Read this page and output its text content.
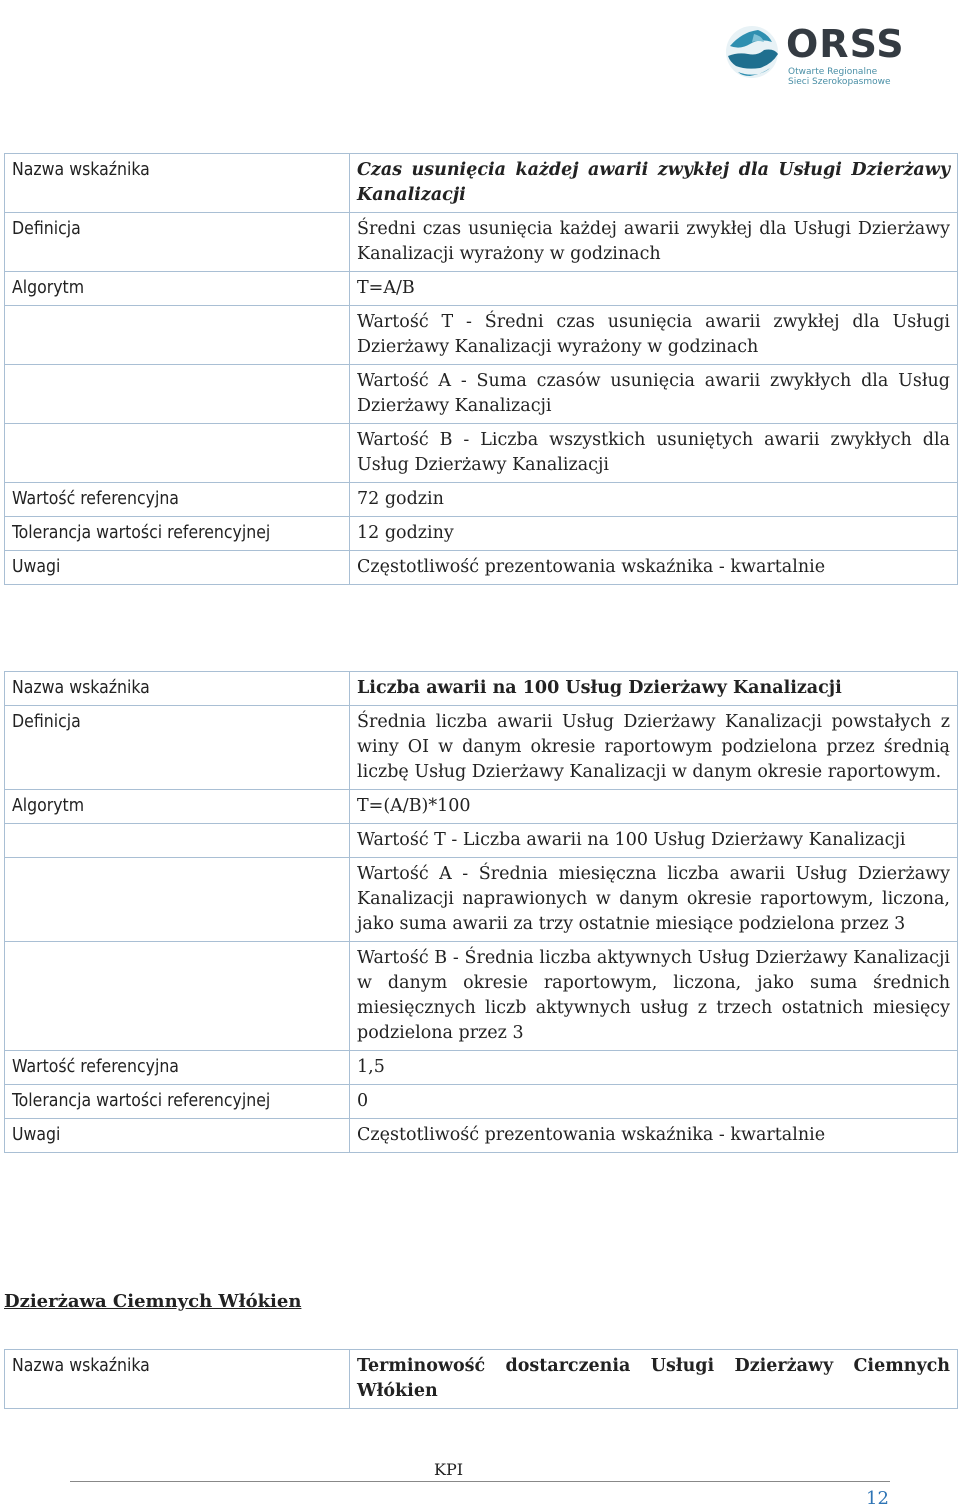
ORSS
Otwarte Regionalne
Sieci Szerokopasmowe
Nazwa wskaźnika	Czas usunięcia każdej awarii zwykłej dla Usługi Dzierżawy Kanalizacji
Definicja	Średni czas usunięcia każdej awarii zwykłej dla Usługi Dzierżawy Kanalizacji wyrażony w godzinach
Algorytm	T=A/B
	Wartość T - Średni czas usunięcia awarii zwykłej dla Usługi Dzierżawy Kanalizacji wyrażony w godzinach
	Wartość A - Suma czasów usunięcia awarii zwykłych dla Usług Dzierżawy Kanalizacji
	Wartość B - Liczba wszystkich usuniętych awarii zwykłych dla Usług Dzierżawy Kanalizacji
Wartość referencyjna	72 godzin
Tolerancja wartości referencyjnej	12 godziny
Uwagi	Częstotliwość prezentowania wskaźnika - kwartalnie
Nazwa wskaźnika	Liczba awarii na 100 Usług Dzierżawy Kanalizacji
Definicja	Średnia liczba awarii Usług Dzierżawy Kanalizacji powstałych z winy OI w danym okresie raportowym podzielona przez średnią liczbę Usług Dzierżawy Kanalizacji w danym okresie raportowym.
Algorytm	T=(A/B)*100
	Wartość T - Liczba awarii na 100 Usług Dzierżawy Kanalizacji
	Wartość A - Średnia miesięczna liczba awarii Usług Dzierżawy Kanalizacji naprawionych w danym okresie raportowym, liczona, jako suma awarii za trzy ostatnie miesiące podzielona przez 3
	Wartość B - Średnia liczba aktywnych Usług Dzierżawy Kanalizacji w danym okresie raportowym, liczona, jako suma średnich miesięcznych liczb aktywnych usług z trzech ostatnich miesięcy podzielona przez 3
Wartość referencyjna	1,5
Tolerancja wartości referencyjnej	0
Uwagi	Częstotliwość prezentowania wskaźnika - kwartalnie
Dzierżawa Ciemnych Włókien
Nazwa wskaźnika	Terminowość dostarczenia Usługi Dzierżawy Ciemnych Włókien
KPI
12
